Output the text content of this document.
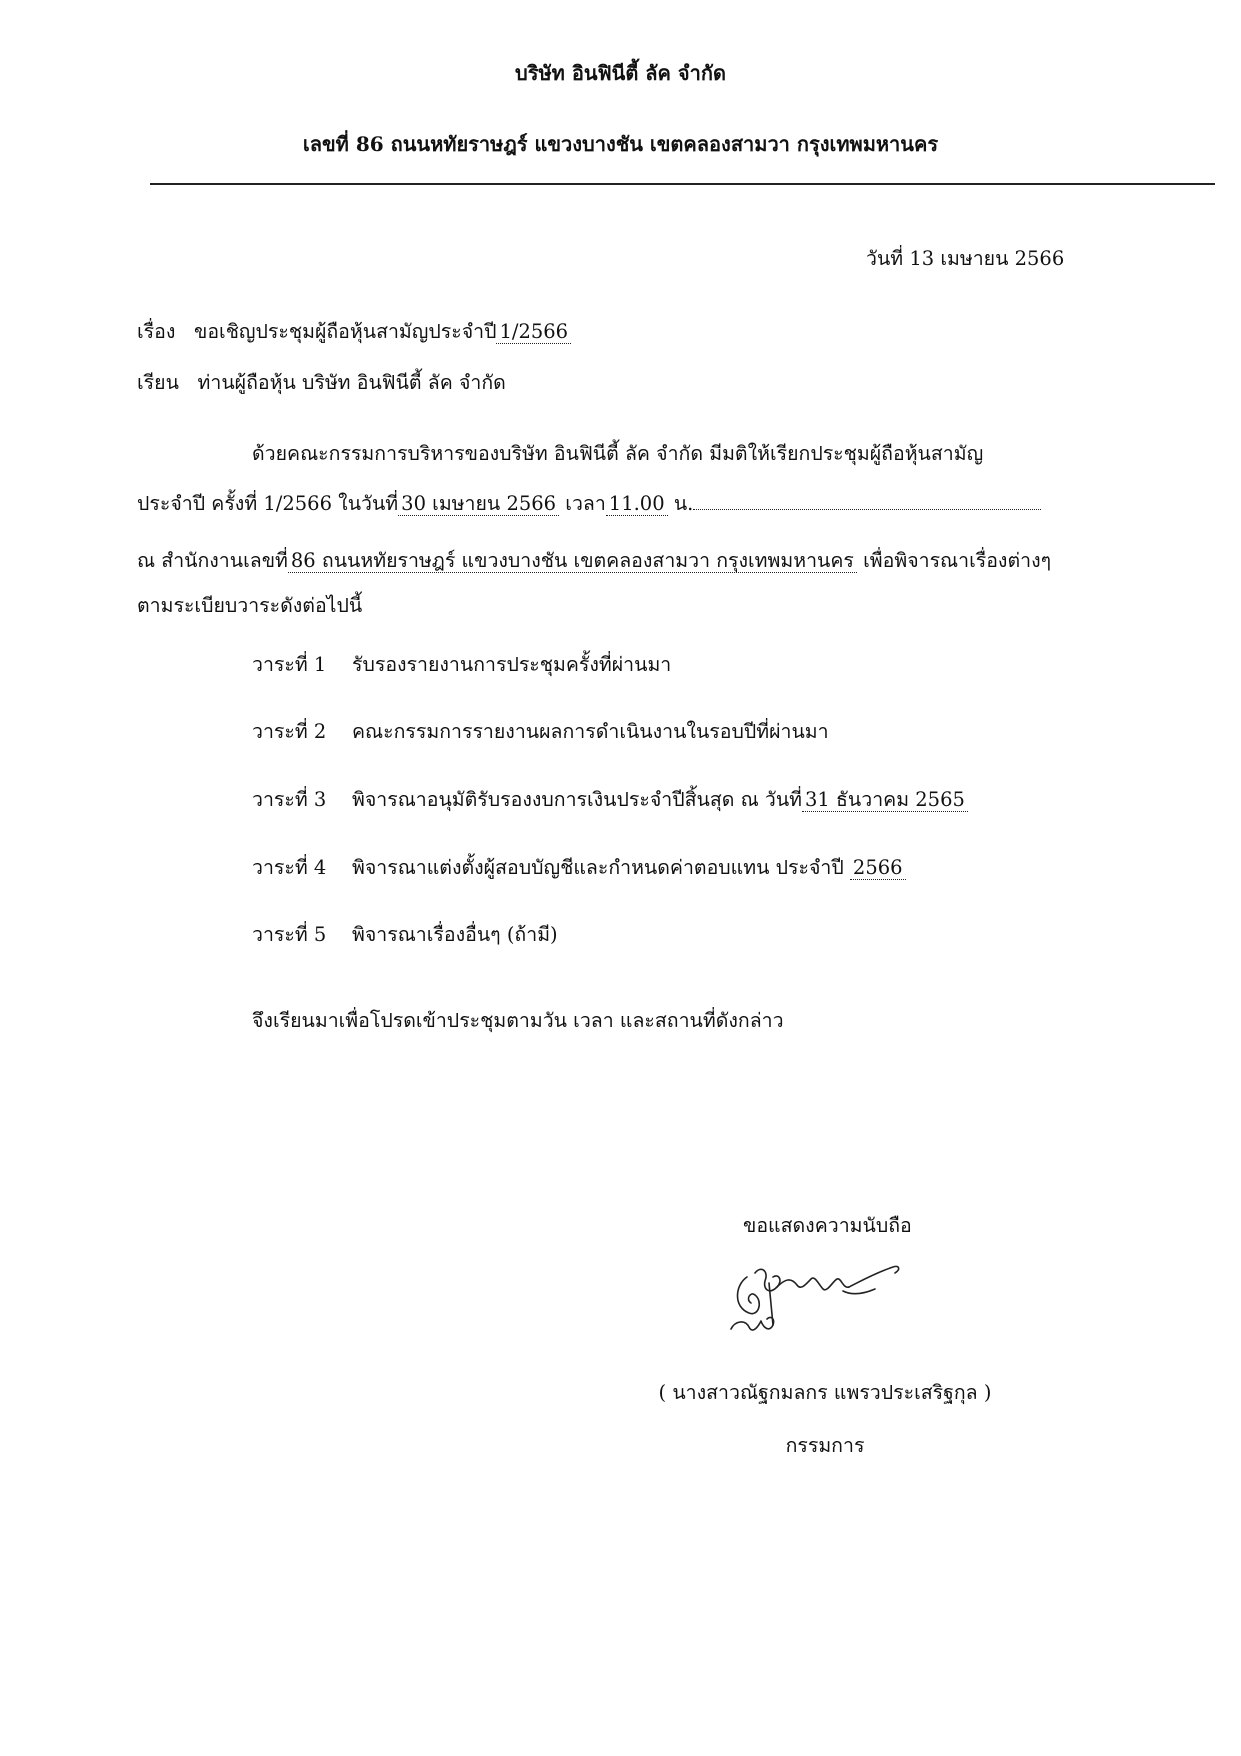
บริษัท อินฟินีตี้ ลัค จำกัด
เลขที่ 86 ถนนหทัยราษฎร์ แขวงบางชัน เขตคลองสามวา กรุงเทพมหานคร
วันที่ 13 เมษายน 2566
เรื่อง ขอเชิญประชุมผู้ถือหุ้นสามัญประจำปี 1/2566
เรียน ท่านผู้ถือหุ้น บริษัท อินฟินีตี้ ลัค จำกัด
ด้วยคณะกรรมการบริหารของบริษัท อินฟินีตี้ ลัค จำกัด มีมติให้เรียกประชุมผู้ถือหุ้นสามัญ
ประจำปี ครั้งที่ 1/2566 ในวันที่ 30 เมษายน 2566 เวลา 11.00 น.
ณ สำนักงานเลขที่ 86 ถนนหทัยราษฎร์ แขวงบางชัน เขตคลองสามวา กรุงเทพมหานคร เพื่อพิจารณาเรื่องต่างๆ
ตามระเบียบวาระดังต่อไปนี้
วาระที่ 1 รับรองรายงานการประชุมครั้งที่ผ่านมา
วาระที่ 2 คณะกรรมการรายงานผลการดำเนินงานในรอบปีที่ผ่านมา
วาระที่ 3 พิจารณาอนุมัติรับรองงบการเงินประจำปีสิ้นสุด ณ วันที่ 31 ธันวาคม 2565
วาระที่ 4 พิจารณาแต่งตั้งผู้สอบบัญชีและกำหนดค่าตอบแทน ประจำปี 2566
วาระที่ 5 พิจารณาเรื่องอื่นๆ (ถ้ามี)
จึงเรียนมาเพื่อโปรดเข้าประชุมตามวัน เวลา และสถานที่ดังกล่าว
ขอแสดงความนับถือ
( นางสาวณัฐกมลกร แพรวประเสริฐกุล )
กรรมการ
